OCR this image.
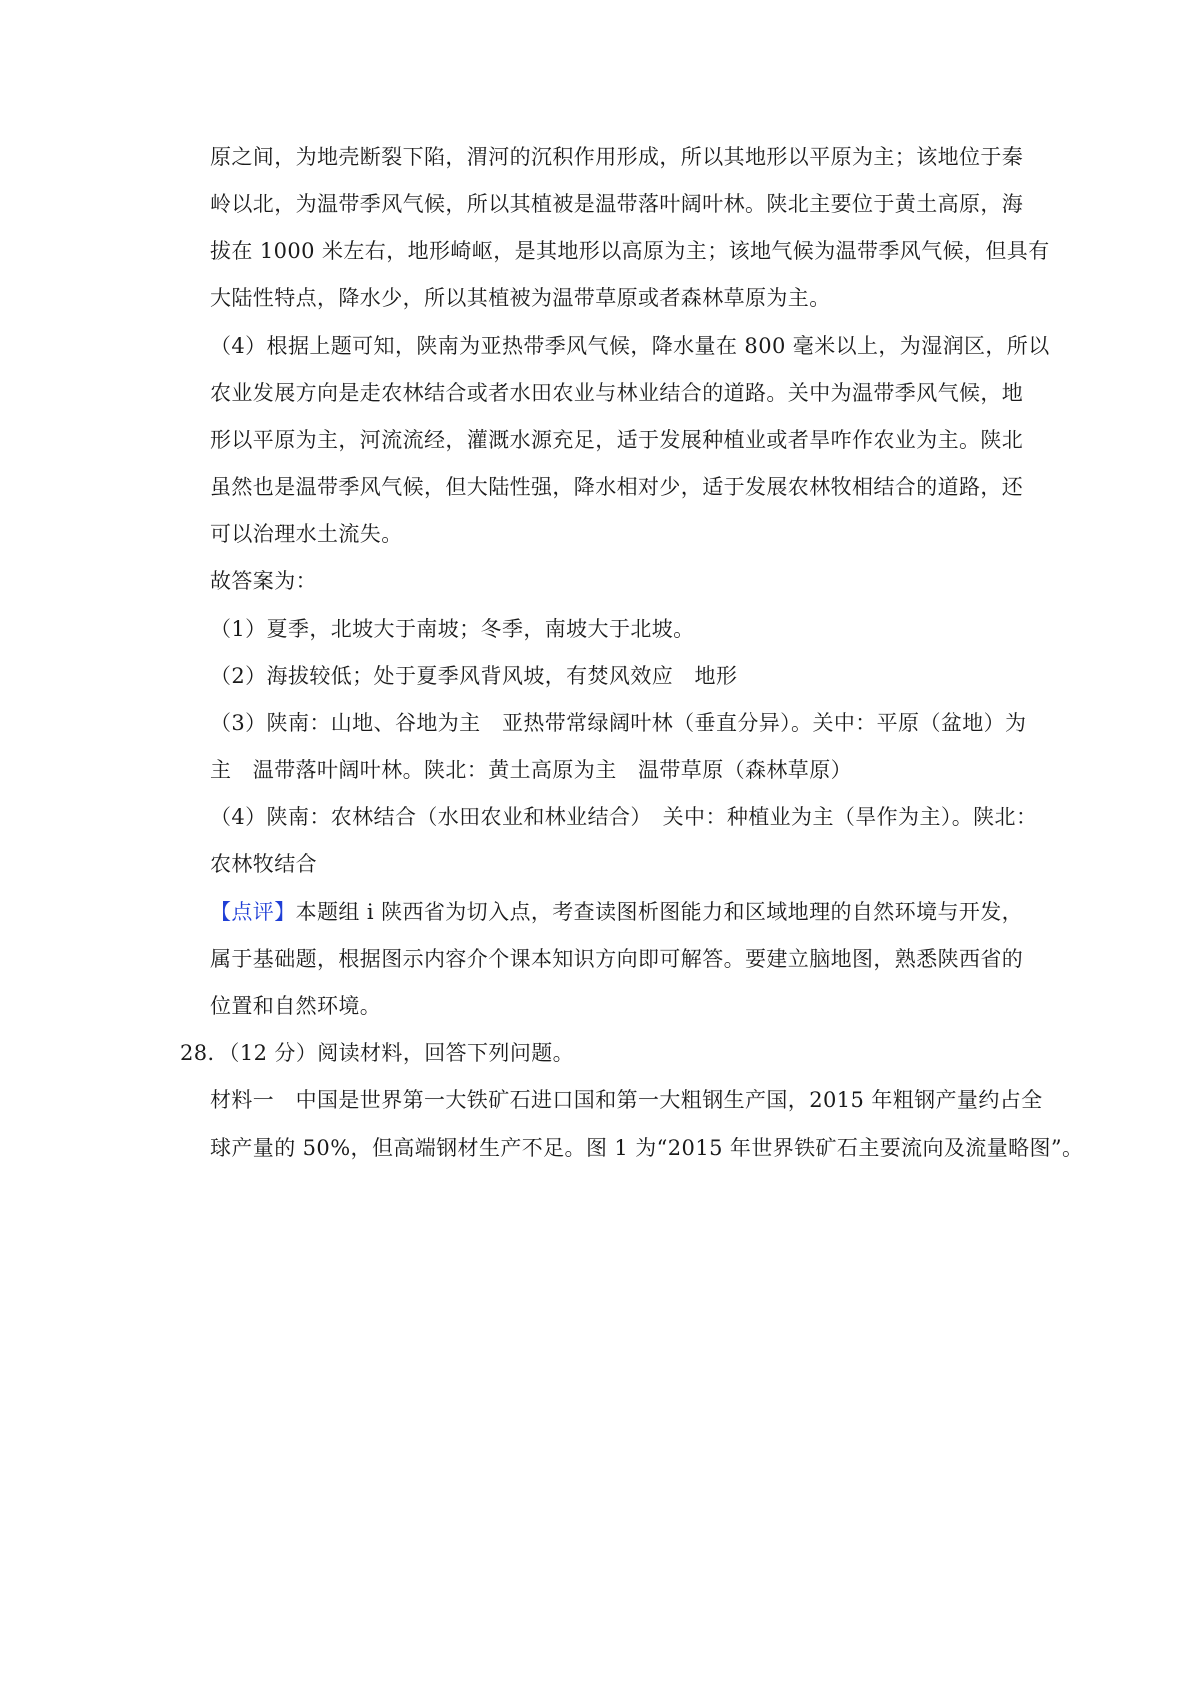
原之间，为地壳断裂下陷，渭河的沉积作用形成，所以其地形以平原为主；该地位于秦
岭以北，为温带季风气候，所以其植被是温带落叶阔叶林。陕北主要位于黄土高原，海
拔在 1000 米左右，地形崎岖，是其地形以高原为主；该地气候为温带季风气候，但具有
大陆性特点，降水少，所以其植被为温带草原或者森林草原为主。
（4）根据上题可知，陕南为亚热带季风气候，降水量在 800 毫米以上，为湿润区，所以
农业发展方向是走农林结合或者水田农业与林业结合的道路。关中为温带季风气候，地
形以平原为主，河流流经，灌溉水源充足，适于发展种植业或者旱咋作农业为主。陕北
虽然也是温带季风气候，但大陆性强，降水相对少，适于发展农林牧相结合的道路，还
可以治理水土流失。
故答案为：
（1）夏季，北坡大于南坡；冬季，南坡大于北坡。
（2）海拔较低；处于夏季风背风坡，有焚风效应　地形
（3）陕南：山地、谷地为主　亚热带常绿阔叶林（垂直分异）。关中：平原（盆地）为
主　温带落叶阔叶林。陕北：黄土高原为主　温带草原（森林草原）
（4）陕南：农林结合（水田农业和林业结合）　关中：种植业为主（旱作为主）。陕北：
农林牧结合
【点评】本题组 i 陕西省为切入点，考查读图析图能力和区域地理的自然环境与开发，
属于基础题，根据图示内容介个课本知识方向即可解答。要建立脑地图，熟悉陕西省的
位置和自然环境。
28．（12 分）阅读材料，回答下列问题。
材料一　中国是世界第一大铁矿石进口国和第一大粗钢生产国，2015 年粗钢产量约占全
球产量的 50%，但高端钢材生产不足。图 1 为“2015 年世界铁矿石主要流向及流量略图”。
